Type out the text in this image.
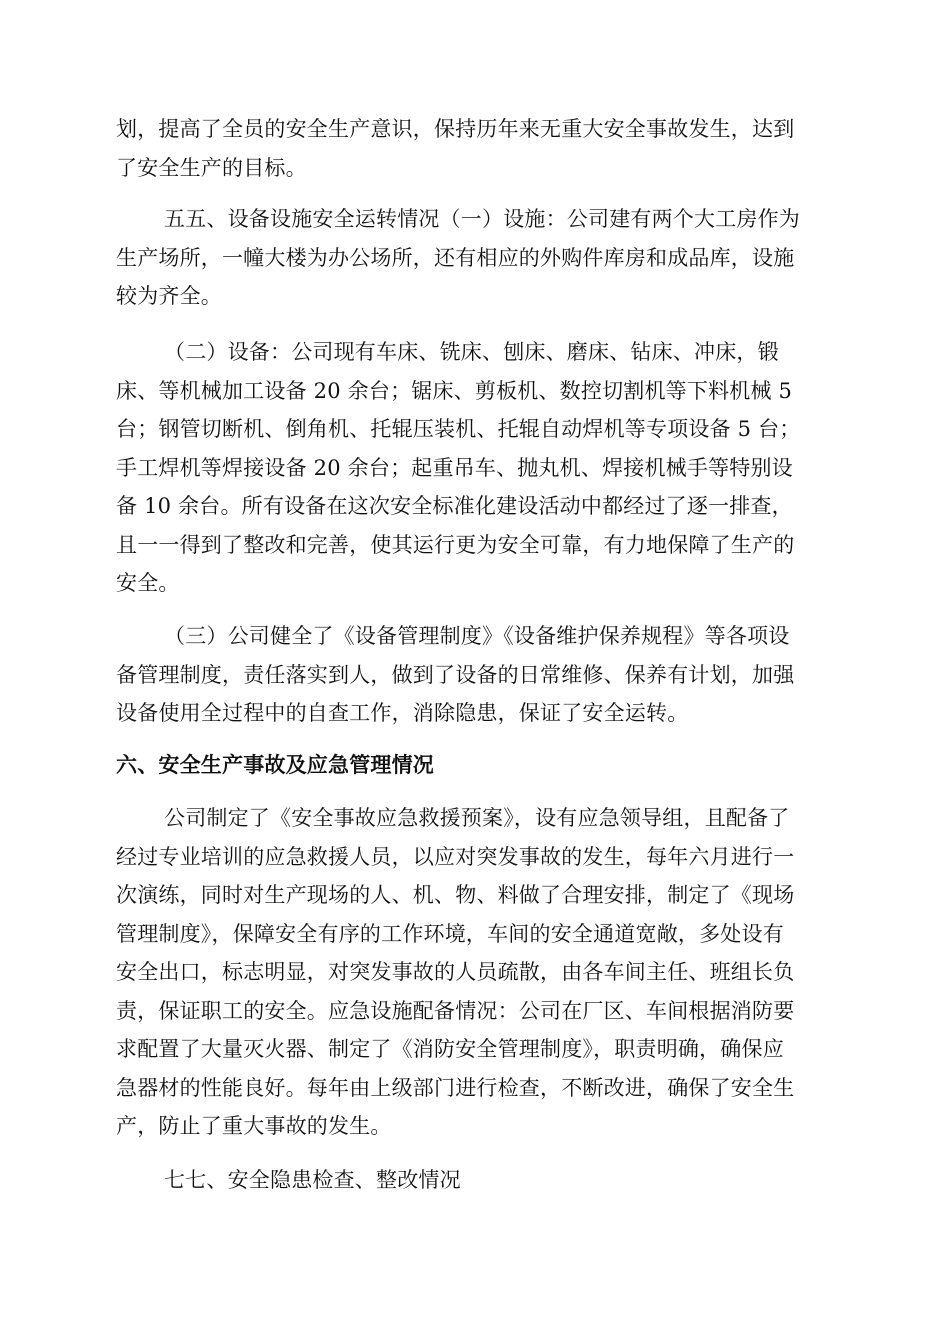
划，提高了全员的安全生产意识，保持历年来无重大安全事故发生，达到
了安全生产的目标。
五五、设备设施安全运转情况（一）设施：公司建有两个大工房作为
生产场所，一幢大楼为办公场所，还有相应的外购件库房和成品库，设施
较为齐全。
（二）设备：公司现有车床、铣床、刨床、磨床、钻床、冲床，锻
床、等机械加工设备 20 余台；锯床、剪板机、数控切割机等下料机械 5
台；钢管切断机、倒角机、托辊压装机、托辊自动焊机等专项设备 5 台；
手工焊机等焊接设备 20 余台；起重吊车、抛丸机、焊接机械手等特别设
备 10 余台。所有设备在这次安全标准化建设活动中都经过了逐一排查，
且一一得到了整改和完善，使其运行更为安全可靠，有力地保障了生产的
安全。
（三）公司健全了《设备管理制度》《设备维护保养规程》等各项设
备管理制度，责任落实到人，做到了设备的日常维修、保养有计划，加强
设备使用全过程中的自查工作，消除隐患，保证了安全运转。
六、安全生产事故及应急管理情况
公司制定了《安全事故应急救援预案》，设有应急领导组，且配备了
经过专业培训的应急救援人员，以应对突发事故的发生，每年六月进行一
次演练，同时对生产现场的人、机、物、料做了合理安排，制定了《现场
管理制度》，保障安全有序的工作环境，车间的安全通道宽敞，多处设有
安全出口，标志明显，对突发事故的人员疏散，由各车间主任、班组长负
责，保证职工的安全。应急设施配备情况：公司在厂区、车间根据消防要
求配置了大量灭火器、制定了《消防安全管理制度》，职责明确，确保应
急器材的性能良好。每年由上级部门进行检查，不断改进，确保了安全生
产，防止了重大事故的发生。
七七、安全隐患检查、整改情况
